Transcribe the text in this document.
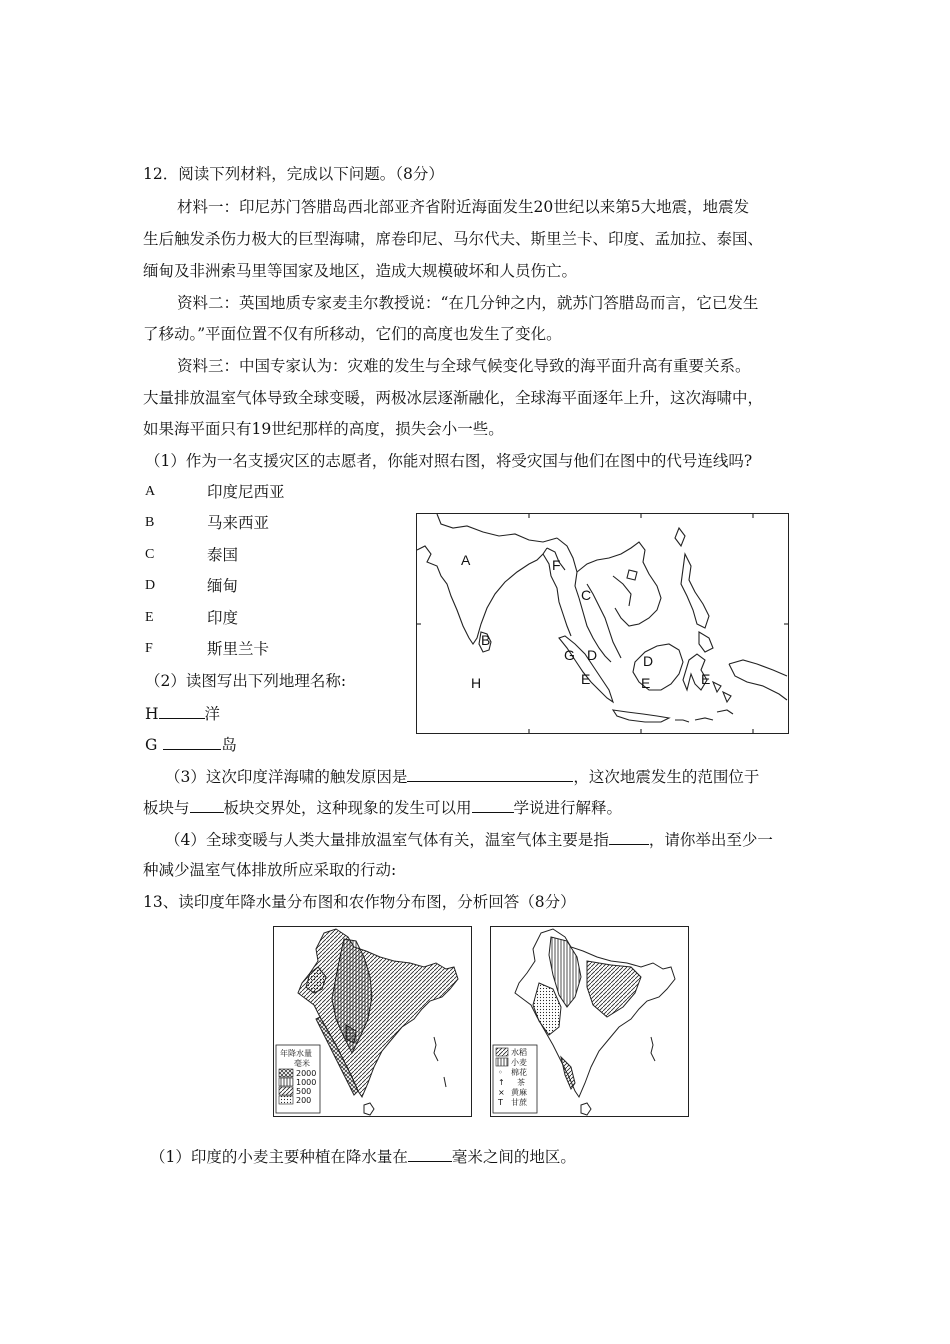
12．阅读下列材料，完成以下问题。（8分）
材料一：印尼苏门答腊岛西北部亚齐省附近海面发生20世纪以来第5大地震，地震发
生后触发杀伤力极大的巨型海啸，席卷印尼、马尔代夫、斯里兰卡、印度、孟加拉、泰国、
缅甸及非洲索马里等国家及地区，造成大规模破坏和人员伤亡。
资料二：英国地质专家麦圭尔教授说：“在几分钟之内，就苏门答腊岛而言，它已发生
了移动。”平面位置不仅有所移动，它们的高度也发生了变化。
资料三：中国专家认为：灾难的发生与全球气候变化导致的海平面升高有重要关系。
大量排放温室气体导致全球变暖，两极冰层逐渐融化，全球海平面逐年上升，这次海啸中，
如果海平面只有19世纪那样的高度，损失会小一些。
（1）作为一名支援灾区的志愿者，你能对照右图，将受灾国与他们在图中的代号连线吗?
A	印度尼西亚
B	马来西亚
C	泰国
D	缅甸
E	印度
F	斯里兰卡
（2）读图写出下列地理名称:
H	洋
G	岛
A
B
F
C
G D
E
D
E	E
H
（3）这次印度洋海啸的触发原因是	，这次地震发生的范围位于
板块与 板块交界处，这种现象的发生可以用	学说进行解释。
（4）全球变暖与人类大量排放温室气体有关，温室气体主要是指	，请你举出至少一
种减少温室气体排放所应采取的行动:
13、读印度年降水量分布图和农作物分布图，分析回答（8分）
年降水量
毫米
2000
1000
500
200
◦
↑
×
T
水稻
小麦
棉花
茶
黄麻
甘蔗
（1）印度的小麦主要种植在降水量在	毫米之间的地区。
